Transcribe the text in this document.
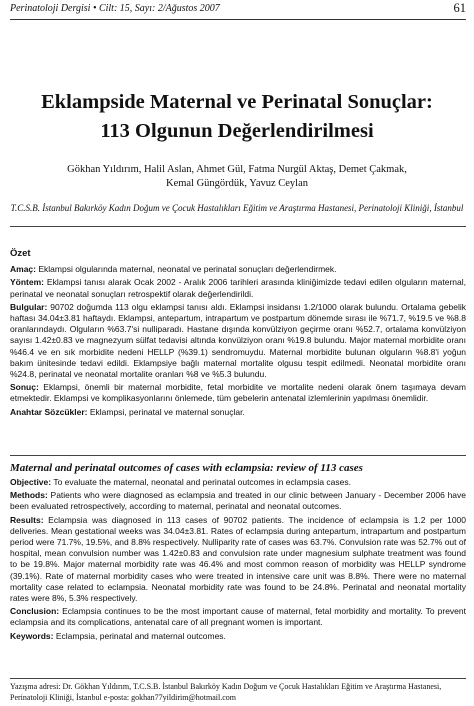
Perinatoloji Dergisi • Cilt: 15, Sayı: 2/Ağustos 2007	61
Eklampside Maternal ve Perinatal Sonuçlar:
113 Olgunun Değerlendirilmesi
Gökhan Yıldırım, Halil Aslan, Ahmet Gül, Fatma Nurgül Aktaş, Demet Çakmak,
Kemal Güngördük, Yavuz Ceylan
T.C.S.B. İstanbul Bakırköy Kadın Doğum ve Çocuk Hastalıkları Eğitim ve Araştırma Hastanesi, Perinatoloji Kliniği, İstanbul
Özet

Amaç: Eklampsi olgularında maternal, neonatal ve perinatal sonuçları değerlendirmek.

Yöntem: Eklampsi tanısı alarak Ocak 2002 - Aralık 2006 tarihleri arasında kliniğimizde tedavi edilen olguların maternal, perinatal ve neonatal sonuçları retrospektif olarak değerlendirildi.

Bulgular: 90702 doğumda 113 olgu eklampsi tanısı aldı. Eklampsi insidansı 1.2/1000 olarak bulundu. Ortalama gebelik haftası 34.04±3.81 haftaydı. Eklampsi, antepartum, intrapartum ve postpartum dönemde sırası ile %71.7, %19.5 ve %8.8 oranlarındaydı. Olguların %63.7'si nulliparadı. Hastane dışında konvülziyon geçirme oranı %52.7, ortalama konvülziyon sayısı 1.42±0.83 ve magnezyum sülfat tedavisi altında konvülziyon oranı %19.8 bulundu. Major maternal morbidite oranı %46.4 ve en sık morbidite nedeni HELLP (%39.1) sendromuydu. Maternal morbidite bulunan olguların %8.8'i yoğun bakım ünitesinde tedavi edildi. Eklampsiye bağlı maternal mortalite olgusu tespit edilmedi. Neonatal morbidite oranı %24.8, perinatal ve neonatal mortalite oranları %8 ve %5.3 bulundu.

Sonuç: Eklampsi, önemli bir maternal morbidite, fetal morbidite ve mortalite nedeni olarak önem taşımaya devam etmektedir. Eklampsi ve komplikasyonlarını önlemede, tüm gebelerin antenatal izlemlerinin yapılması önemlidir.

Anahtar Sözcükler: Eklampsi, perinatal ve maternal sonuçlar.

Maternal and perinatal outcomes of cases with eclampsia: review of 113 cases

Objective: To evaluate the maternal, neonatal and perinatal outcomes in eclampsia cases.

Methods: Patients who were diagnosed as eclampsia and treated in our clinic between January - December 2006 have been evaluated retrospectively, according to maternal, perinatal and neonatal outcomes.

Results: Eclampsia was diagnosed in 113 cases of 90702 patients. The incidence of eclampsia is 1.2 per 1000 deliveries. Mean gestational weeks was 34.04±3.81. Rates of eclampsia during antepartum, intrapartum and postpartum period were 71.7%, 19.5%, and 8.8% respectively. Nulliparity rate of cases was 63.7%. Convulsion rate was 52.7% out of hospital, mean convulsion number was 1.42±0.83 and convulsion rate under magnesium sulphate treatment was found to be 19.8%. Major maternal morbidity rate was 46.4% and most common reason of morbidity was HELLP syndrome (39.1%). Rate of maternal morbidity cases who were treated in intensive care unit was 8.8%. There were no maternal mortality case related to eclampsia. Neonatal morbidity rate was found to be 24.8%. Perinatal and neonatal mortality rates were 8%, 5.3% respectively.

Conclusion: Eclampsia continues to be the most important cause of maternal, fetal morbidity and mortality. To prevent eclampsia and its complications, antenatal care of all pregnant women is important.

Keywords: Eclampsia, perinatal and maternal outcomes.

Yazışma adresi: Dr. Gökhan Yıldırım, T.C.S.B. İstanbul Bakırköy Kadın Doğum ve Çocuk Hastalıkları Eğitim ve Araştırma Hastanesi,
Perinatoloji Kliniği, İstanbul e-posta: gokhan77yildirim@hotmail.com
